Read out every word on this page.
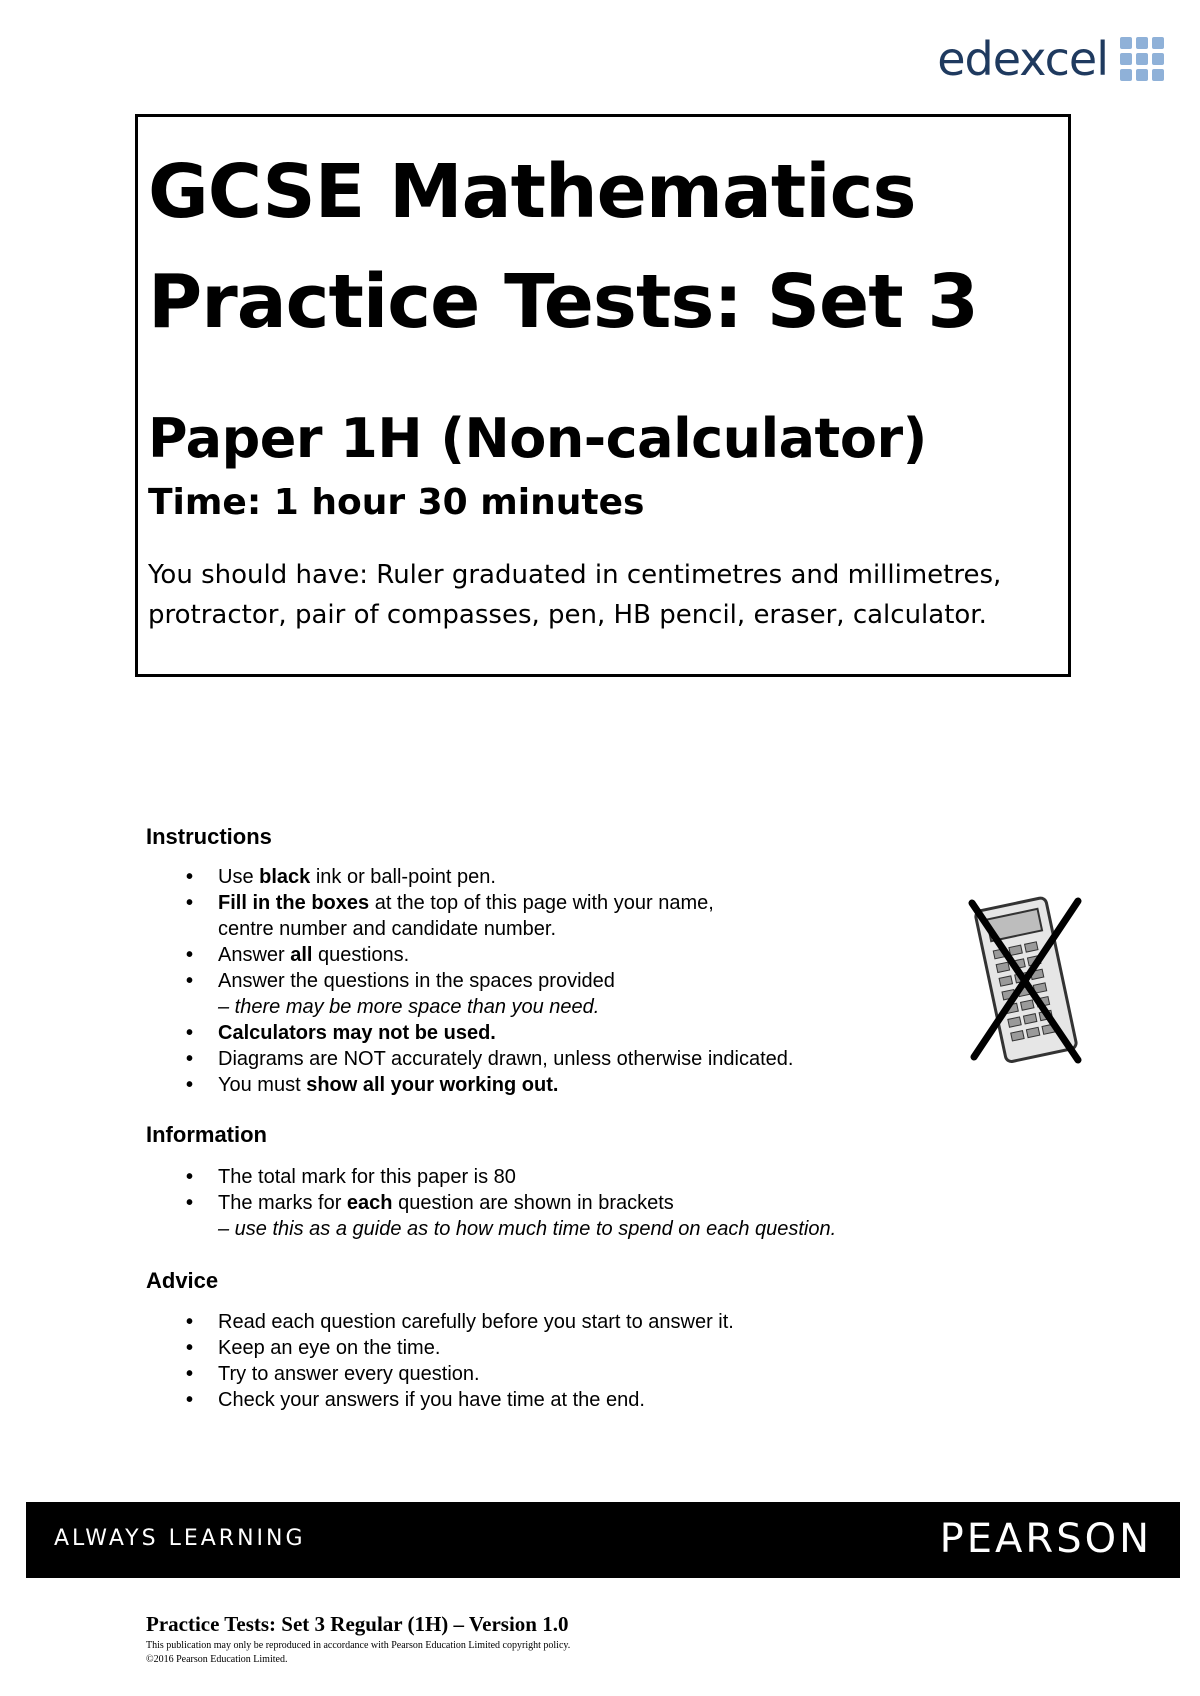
edexcel
GCSE Mathematics
Practice Tests: Set 3
Paper 1H (Non-calculator)
Time: 1 hour 30 minutes
You should have: Ruler graduated in centimetres and millimetres, protractor, pair of compasses, pen, HB pencil, eraser, calculator.
Instructions
• Use black ink or ball-point pen.
• Fill in the boxes at the top of this page with your name,
centre number and candidate number.
• Answer all questions.
• Answer the questions in the spaces provided
– there may be more space than you need.
• Calculators may not be used.
• Diagrams are NOT accurately drawn, unless otherwise indicated.
• You must show all your working out.
Information
• The total mark for this paper is 80
• The marks for each question are shown in brackets
– use this as a guide as to how much time to spend on each question.
Advice
• Read each question carefully before you start to answer it.
• Keep an eye on the time.
• Try to answer every question.
• Check your answers if you have time at the end.
ALWAYS LEARNING	PEARSON
Practice Tests: Set 3 Regular (1H) – Version 1.0
This publication may only be reproduced in accordance with Pearson Education Limited copyright policy.
©2016 Pearson Education Limited.
